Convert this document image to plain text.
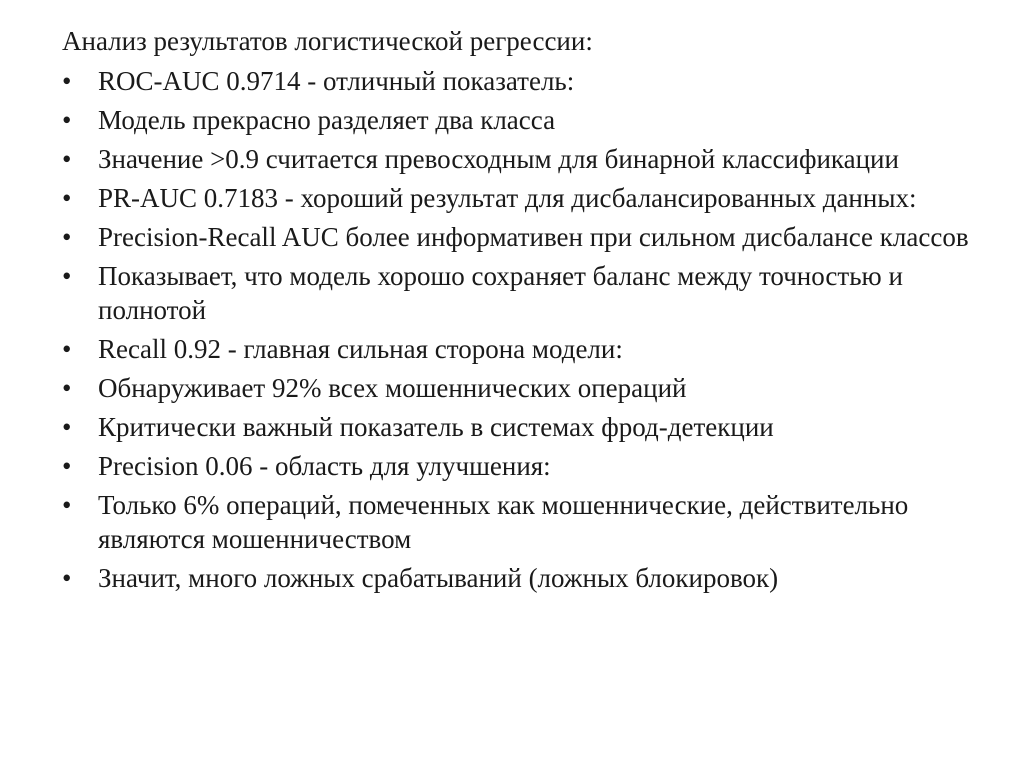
Анализ результатов логистической регрессии:
• ROC-AUC 0.9714 - отличный показатель:
• Модель прекрасно разделяет два класса
• Значение >0.9 считается превосходным для бинарной классификации
• PR-AUC 0.7183 - хороший результат для дисбалансированных данных:
• Precision-Recall AUC более информативен при сильном дисбалансе классов
• Показывает, что модель хорошо сохраняет баланс между точностью и полнотой
• Recall 0.92 - главная сильная сторона модели:
• Обнаруживает 92% всех мошеннических операций
• Критически важный показатель в системах фрод-детекции
• Precision 0.06 - область для улучшения:
• Только 6% операций, помеченных как мошеннические, действительно являются мошенничеством
• Значит, много ложных срабатываний (ложных блокировок)
